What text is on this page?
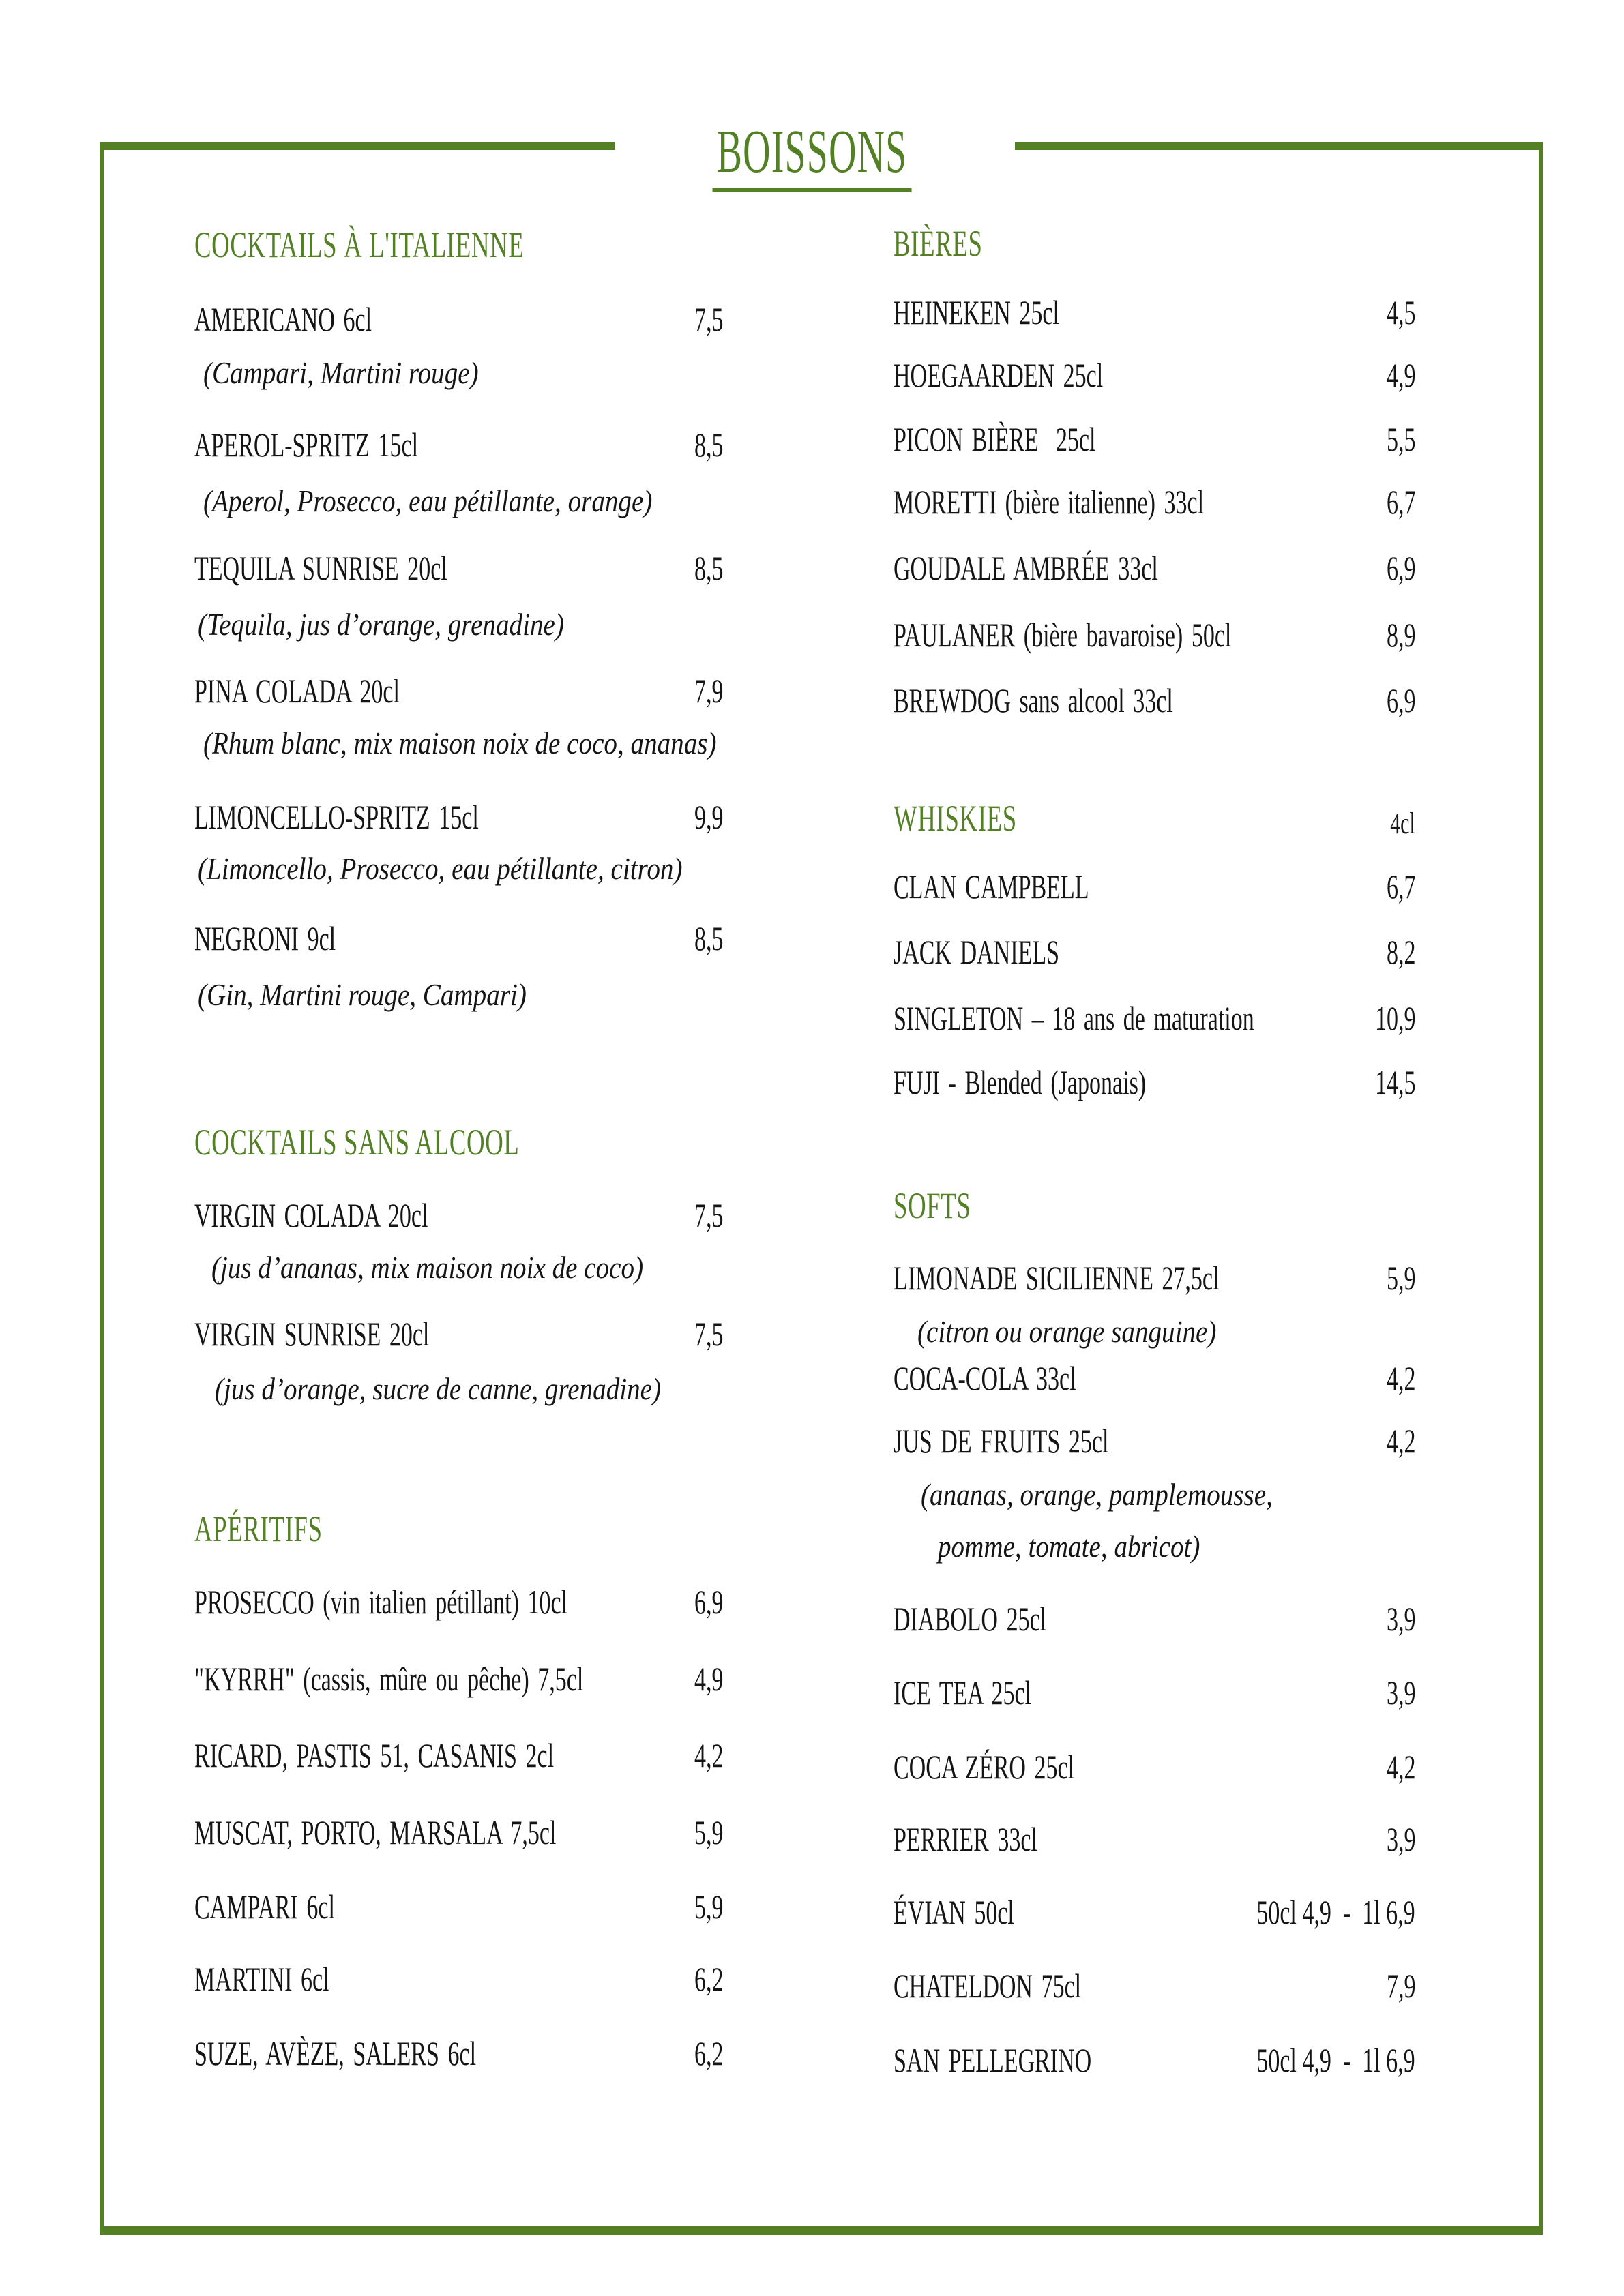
BOISSONS
COCKTAILS À L'ITALIENNE
AMERICANO 6cl	7,5
(Campari, Martini rouge)
APEROL-SPRITZ 15cl	8,5
(Aperol, Prosecco, eau pétillante, orange)
TEQUILA SUNRISE 20cl	8,5
(Tequila, jus d’orange, grenadine)
PINA COLADA 20cl	7,9
(Rhum blanc, mix maison noix de coco, ananas)
LIMONCELLO-SPRITZ 15cl	9,9
(Limoncello, Prosecco, eau pétillante, citron)
NEGRONI 9cl	8,5
(Gin, Martini rouge, Campari)
COCKTAILS SANS ALCOOL
VIRGIN COLADA 20cl	7,5
(jus d’ananas, mix maison noix de coco)
VIRGIN SUNRISE 20cl	7,5
(jus d’orange, sucre de canne, grenadine)
APÉRITIFS
PROSECCO (vin italien pétillant) 10cl	6,9
"KYRRH" (cassis, mûre ou pêche) 7,5cl	4,9
RICARD, PASTIS 51, CASANIS 2cl	4,2
MUSCAT, PORTO, MARSALA 7,5cl	5,9
CAMPARI 6cl	5,9
MARTINI 6cl	6,2
SUZE, AVÈZE, SALERS 6cl	6,2
BIÈRES
HEINEKEN 25cl	4,5
HOEGAARDEN 25cl	4,9
PICON BIÈRE  25cl	5,5
MORETTI (bière italienne) 33cl	6,7
GOUDALE AMBRÉE 33cl	6,9
PAULANER (bière bavaroise) 50cl	8,9
BREWDOG sans alcool 33cl	6,9
WHISKIES	4cl
CLAN CAMPBELL	6,7
JACK DANIELS	8,2
SINGLETON – 18 ans de maturation	10,9
FUJI - Blended (Japonais)	14,5
SOFTS
LIMONADE SICILIENNE 27,5cl	5,9
(citron ou orange sanguine)
COCA-COLA 33cl	4,2
JUS DE FRUITS 25cl	4,2
(ananas, orange, pamplemousse,
pomme, tomate, abricot)
DIABOLO 25cl	3,9
ICE TEA 25cl	3,9
COCA ZÉRO 25cl	4,2
PERRIER 33cl	3,9
ÉVIAN 50cl	50cl 4,9  -  1l 6,9
CHATELDON 75cl	7,9
SAN PELLEGRINO	50cl 4,9  -  1l 6,9
